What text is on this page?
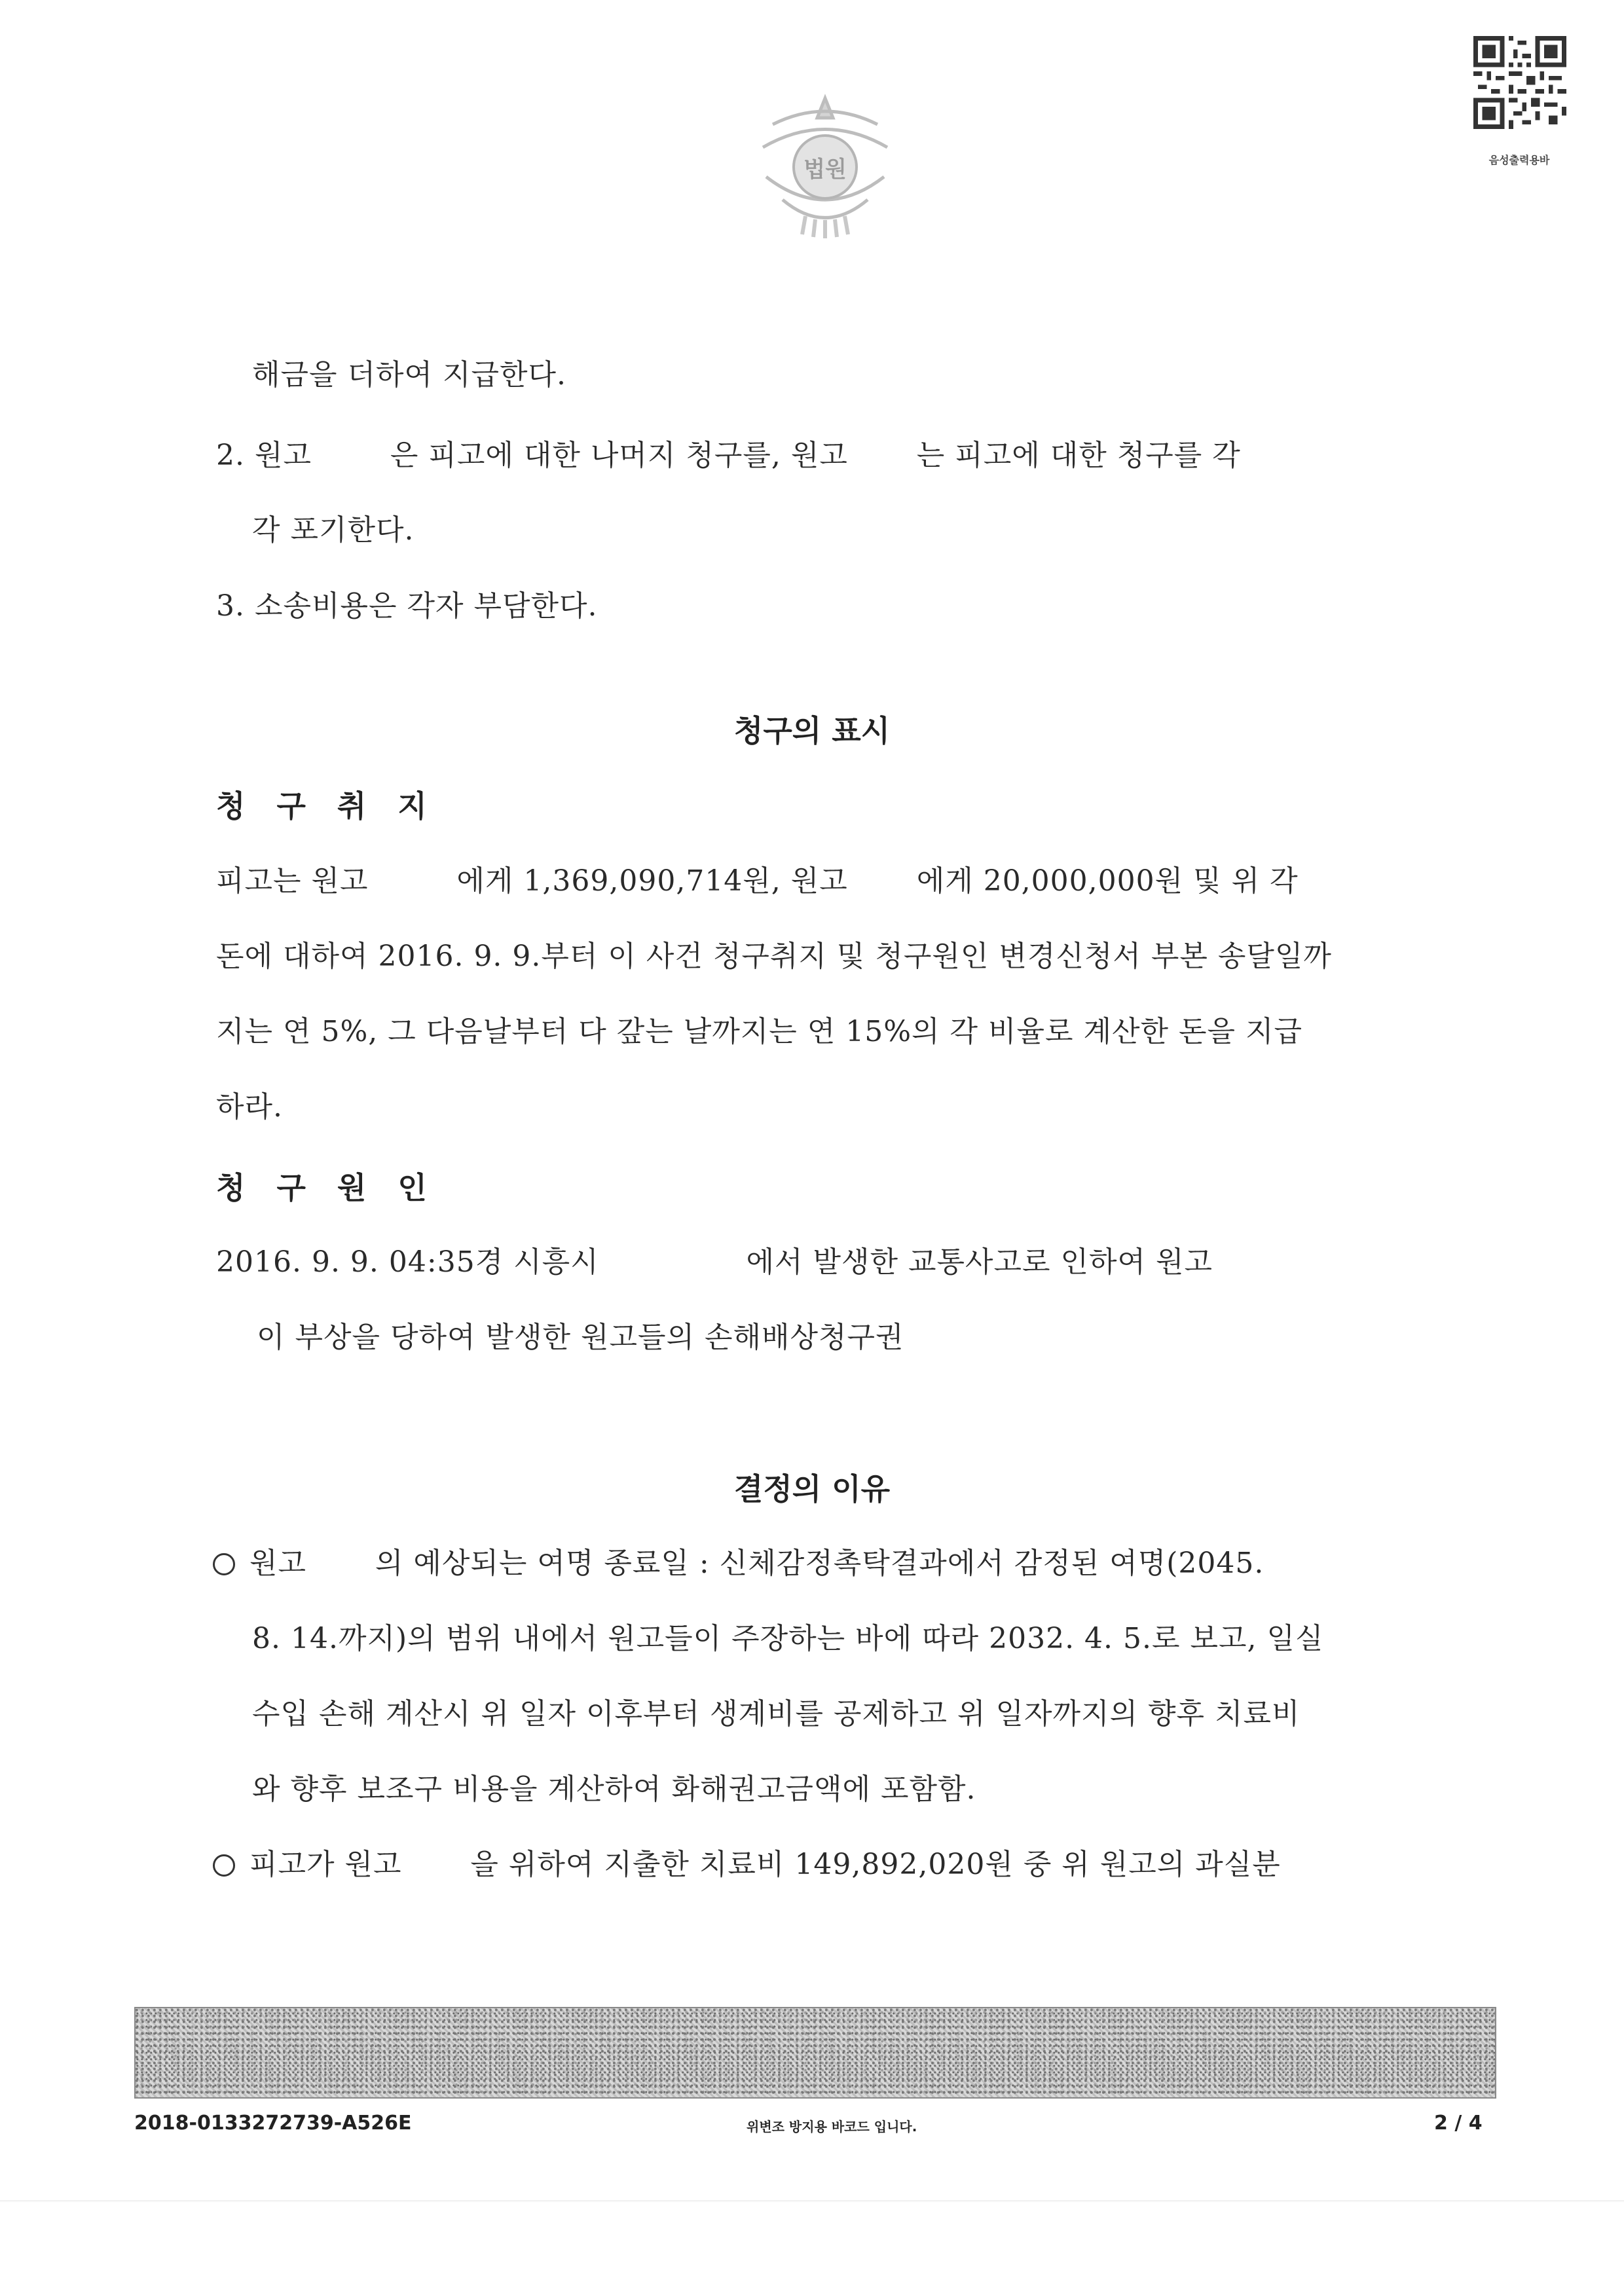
법원	음성출력용바
해금을 더하여 지급한다.
2. 원고	은 피고에 대한 나머지 청구를, 원고 는 피고에 대한 청구를 각
각 포기한다.
3. 소송비용은 각자 부담한다.
청구의 표시
청 구 취 지
피고는 원고	에게 1,369,090,714원, 원고 에게 20,000,000원 및 위 각
돈에 대하여 2016. 9. 9.부터 이 사건 청구취지 및 청구원인 변경신청서 부본 송달일까
지는 연 5%, 그 다음날부터 다 갚는 날까지는 연 15%의 각 비율로 계산한 돈을 지급
하라.
청 구 원 인
2016. 9. 9. 04:35경 시흥시	에서 발생한 교통사고로 인하여 원고
이 부상을 당하여 발생한 원고들의 손해배상청구권
결정의 이유
원고 의 예상되는 여명 종료일 : 신체감정촉탁결과에서 감정된 여명(2045.
8. 14.까지)의 범위 내에서 원고들이 주장하는 바에 따라 2032. 4. 5.로 보고, 일실
수입 손해 계산시 위 일자 이후부터 생계비를 공제하고 위 일자까지의 향후 치료비
와 향후 보조구 비용을 계산하여 화해권고금액에 포함함.
피고가 원고 을 위하여 지출한 치료비 149,892,020원 중 위 원고의 과실분
2018-0133272739-A526E	위변조 방지용 바코드 입니다.	2 / 4
